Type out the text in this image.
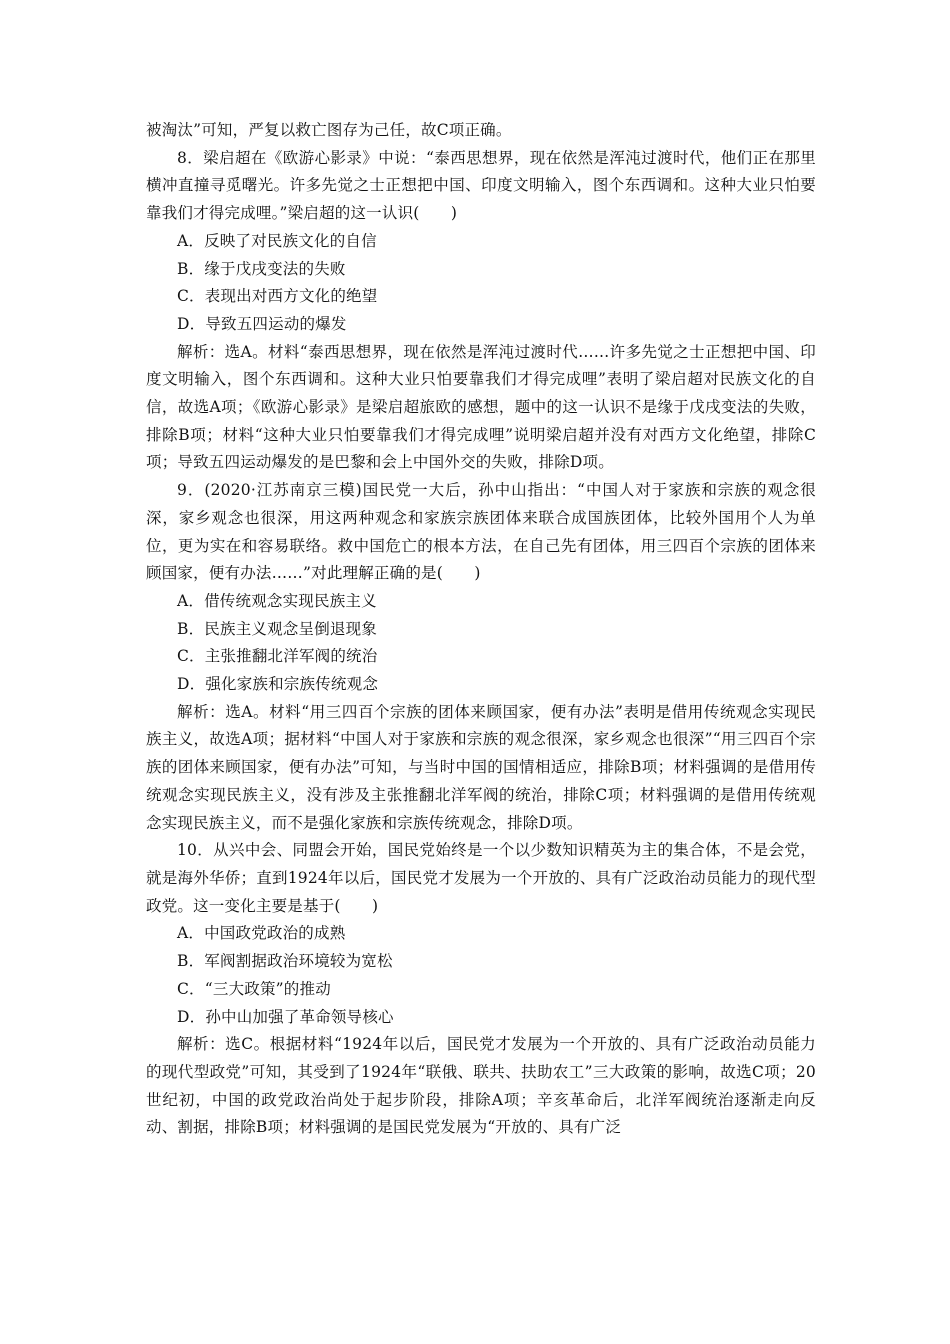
被淘汰”可知，严复以救亡图存为己任，故C项正确。

8．梁启超在《欧游心影录》中说：“泰西思想界，现在依然是浑沌过渡时代，他们正在那里横冲直撞寻觅曙光。许多先觉之士正想把中国、印度文明输入，图个东西调和。这种大业只怕要靠我们才得完成哩。”梁启超的这一认识(　　)

A．反映了对民族文化的自信

B．缘于戊戌变法的失败

C．表现出对西方文化的绝望

D．导致五四运动的爆发

解析：选A。材料“泰西思想界，现在依然是浑沌过渡时代……许多先觉之士正想把中国、印度文明输入，图个东西调和。这种大业只怕要靠我们才得完成哩”表明了梁启超对民族文化的自信，故选A项；《欧游心影录》是梁启超旅欧的感想，题中的这一认识不是缘于戊戌变法的失败，排除B项；材料“这种大业只怕要靠我们才得完成哩”说明梁启超并没有对西方文化绝望，排除C项；导致五四运动爆发的是巴黎和会上中国外交的失败，排除D项。

9．(2020·江苏南京三模)国民党一大后，孙中山指出：“中国人对于家族和宗族的观念很深，家乡观念也很深，用这两种观念和家族宗族团体来联合成国族团体，比较外国用个人为单位，更为实在和容易联络。救中国危亡的根本方法，在自己先有团体，用三四百个宗族的团体来顾国家，便有办法……”对此理解正确的是(　　)

A．借传统观念实现民族主义

B．民族主义观念呈倒退现象

C．主张推翻北洋军阀的统治

D．强化家族和宗族传统观念

解析：选A。材料“用三四百个宗族的团体来顾国家，便有办法”表明是借用传统观念实现民族主义，故选A项；据材料“中国人对于家族和宗族的观念很深，家乡观念也很深”“用三四百个宗族的团体来顾国家，便有办法”可知，与当时中国的国情相适应，排除B项；材料强调的是借用传统观念实现民族主义，没有涉及主张推翻北洋军阀的统治，排除C项；材料强调的是借用传统观念实现民族主义，而不是强化家族和宗族传统观念，排除D项。

10．从兴中会、同盟会开始，国民党始终是一个以少数知识精英为主的集合体，不是会党，就是海外华侨；直到1924年以后，国民党才发展为一个开放的、具有广泛政治动员能力的现代型政党。这一变化主要是基于(　　)

A．中国政党政治的成熟

B．军阀割据政治环境较为宽松

C．“三大政策”的推动

D．孙中山加强了革命领导核心

解析：选C。根据材料“1924年以后，国民党才发展为一个开放的、具有广泛政治动员能力的现代型政党”可知，其受到了1924年“联俄、联共、扶助农工”三大政策的影响，故选C项；20世纪初，中国的政党政治尚处于起步阶段，排除A项；辛亥革命后，北洋军阀统治逐渐走向反动、割据，排除B项；材料强调的是国民党发展为“开放的、具有广泛
